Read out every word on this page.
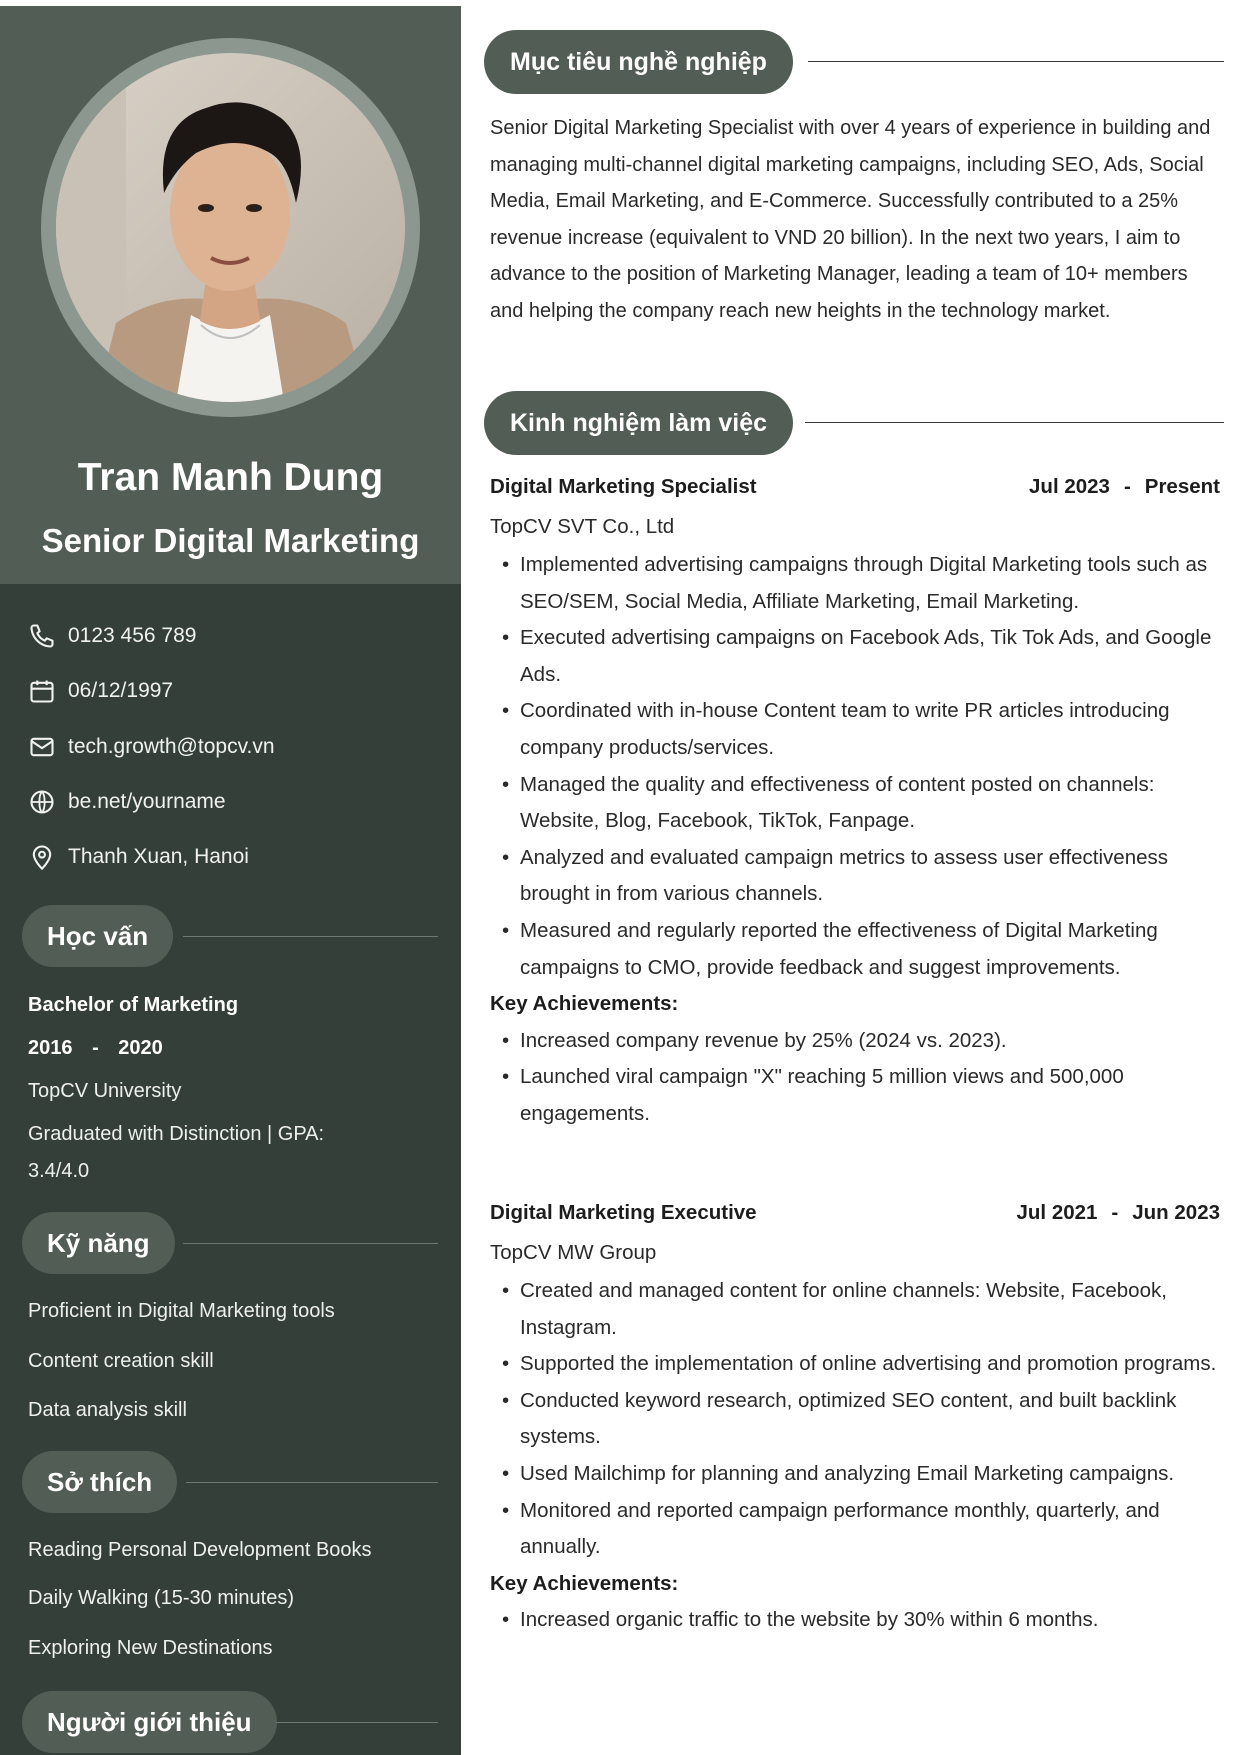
Tran Manh Dung
Senior Digital Marketing
0123 456 789
06/12/1997
tech.growth@topcv.vn
be.net/yourname
Thanh Xuan, Hanoi
Học vấn
Bachelor of Marketing
2016 - 2020
TopCV University
Graduated with Distinction | GPA: 3.4/4.0
Kỹ năng
Proficient in Digital Marketing tools
Content creation skill
Data analysis skill
Sở thích
Reading Personal Development Books
Daily Walking (15-30 minutes)
Exploring New Destinations
Người giới thiệu
Mục tiêu nghề nghiệp

Senior Digital Marketing Specialist with over 4 years of experience in building and managing multi-channel digital marketing campaigns, including SEO, Ads, Social Media, Email Marketing, and E-Commerce. Successfully contributed to a 25% revenue increase (equivalent to VND 20 billion). In the next two years, I aim to advance to the position of Marketing Manager, leading a team of 10+ members and helping the company reach new heights in the technology market.

Kinh nghiệm làm việc
Digital Marketing Specialist	Jul 2023 - Present
TopCV SVT Co., Ltd
• Implemented advertising campaigns through Digital Marketing tools such as SEO/SEM, Social Media, Affiliate Marketing, Email Marketing.
• Executed advertising campaigns on Facebook Ads, Tik Tok Ads, and Google Ads.
• Coordinated with in-house Content team to write PR articles introducing company products/services.
• Managed the quality and effectiveness of content posted on channels: Website, Blog, Facebook, TikTok, Fanpage.
• Analyzed and evaluated campaign metrics to assess user effectiveness brought in from various channels.
• Measured and regularly reported the effectiveness of Digital Marketing campaigns to CMO, provide feedback and suggest improvements.
Key Achievements:
• Increased company revenue by 25% (2024 vs. 2023).
• Launched viral campaign "X" reaching 5 million views and 500,000 engagements.
Digital Marketing Executive	Jul 2021 - Jun 2023
TopCV MW Group
• Created and managed content for online channels: Website, Facebook, Instagram.
• Supported the implementation of online advertising and promotion programs.
• Conducted keyword research, optimized SEO content, and built backlink systems.
• Used Mailchimp for planning and analyzing Email Marketing campaigns.
• Monitored and reported campaign performance monthly, quarterly, and annually.
Key Achievements:
• Increased organic traffic to the website by 30% within 6 months.
